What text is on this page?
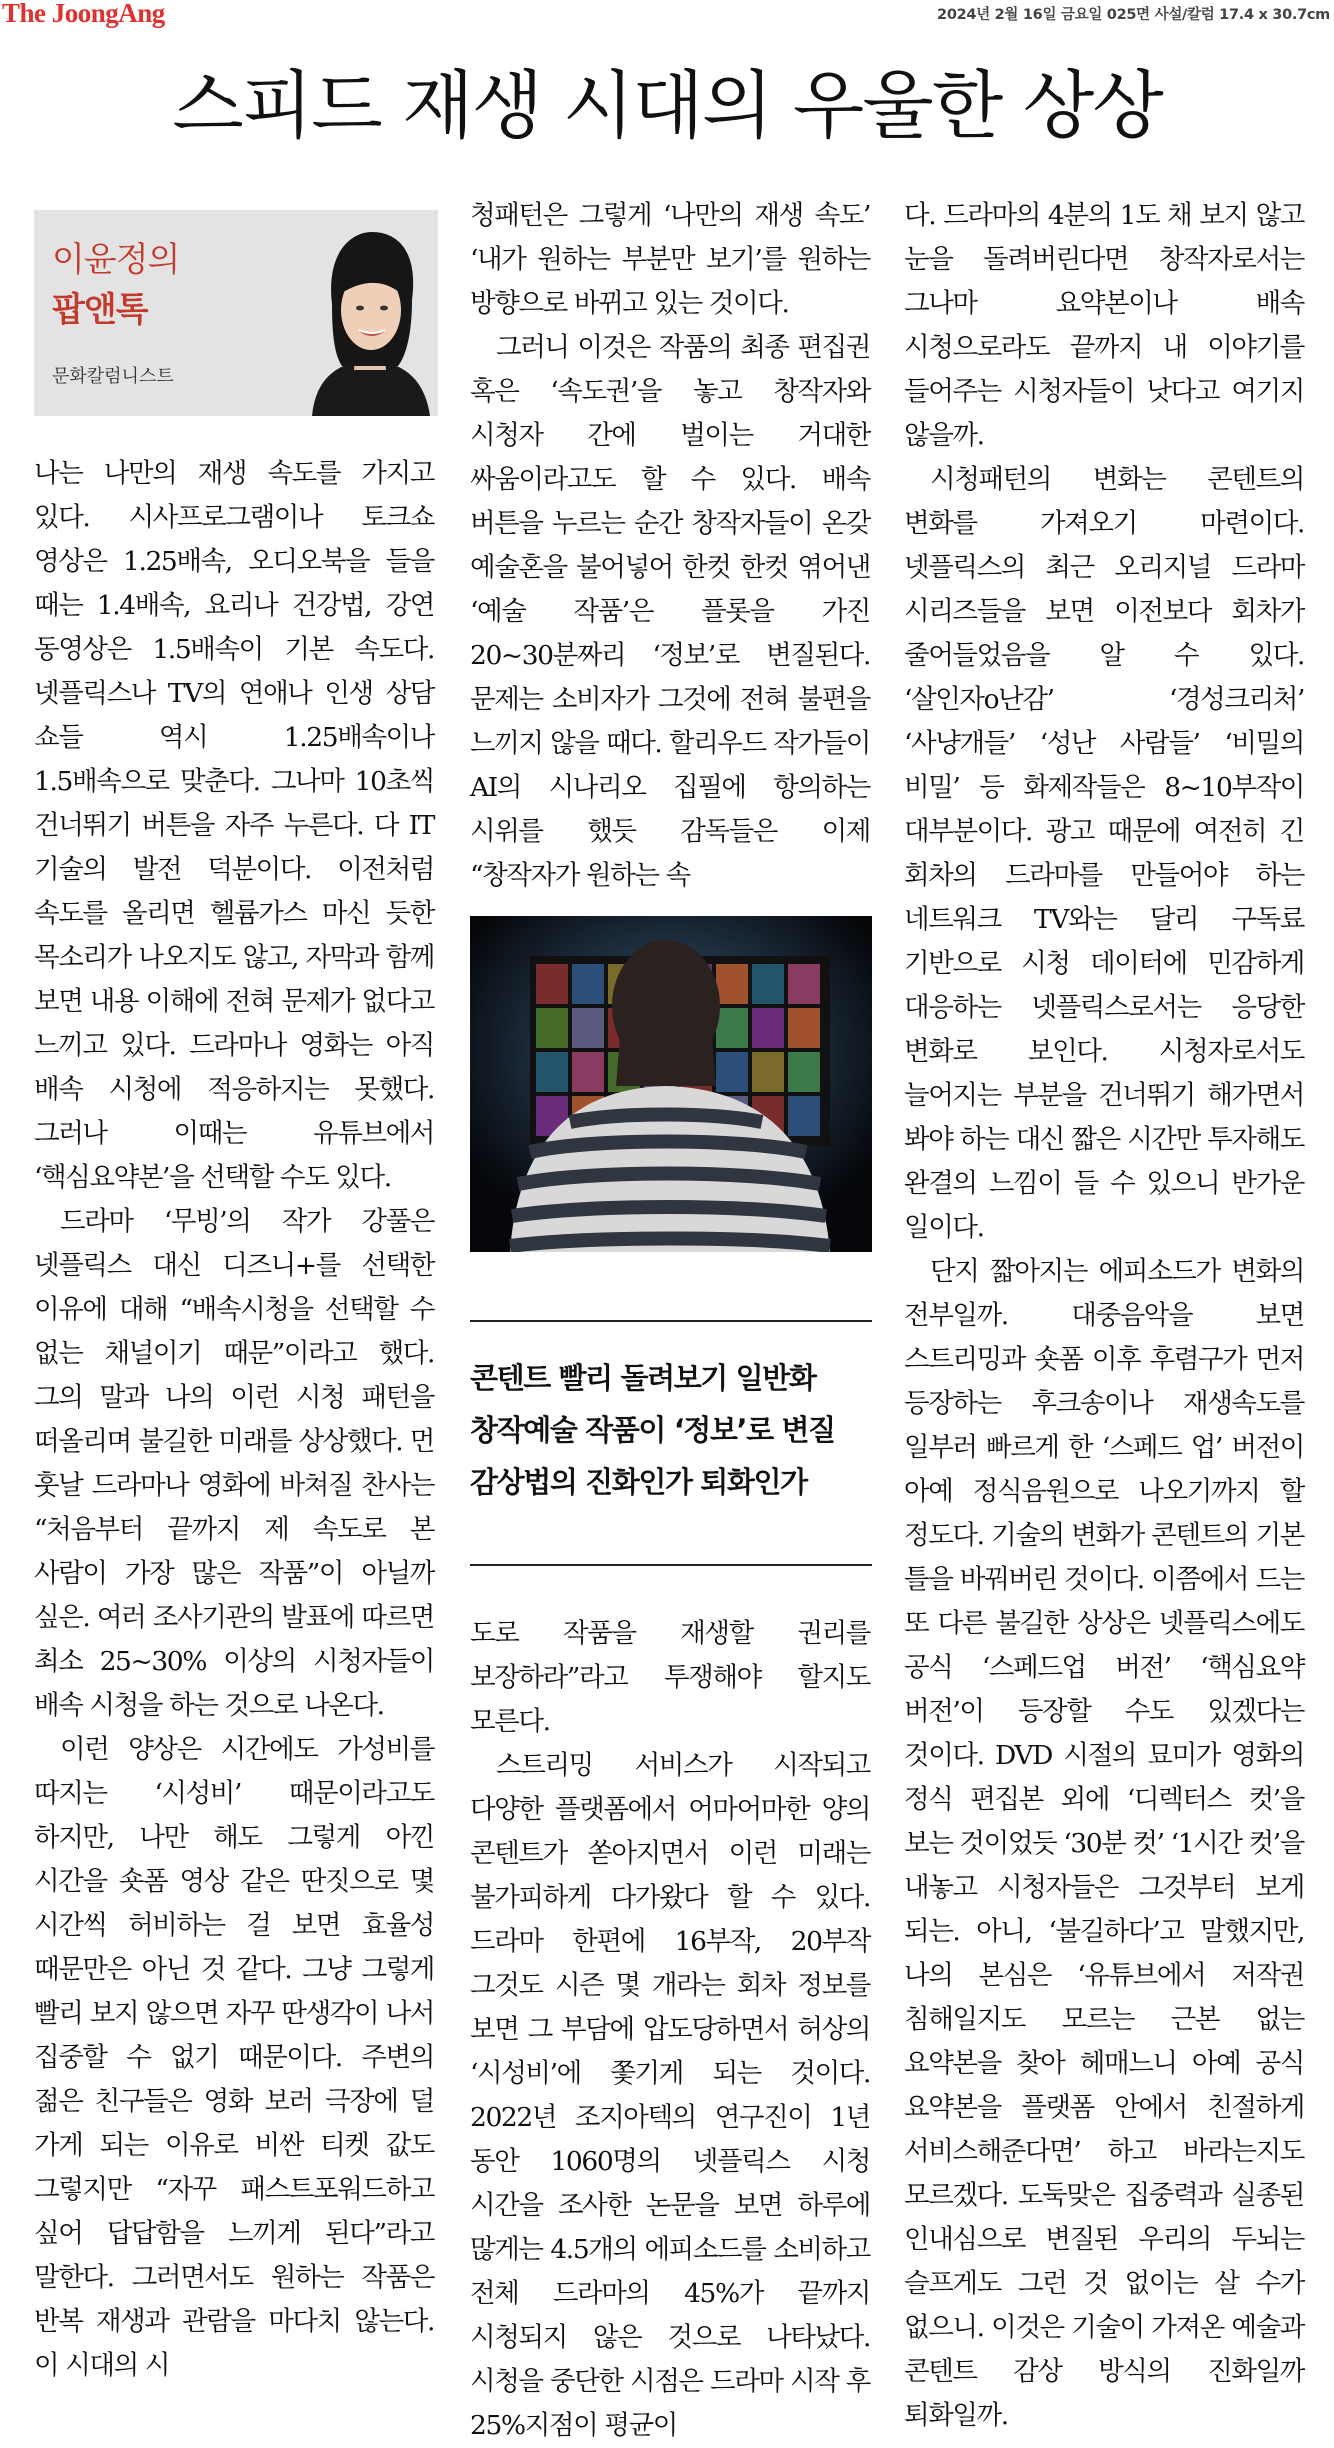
The JoongAng	2024년 2월 16일 금요일 025면 사설/칼럼 17.4 x 30.7cm
스피드 재생 시대의 우울한 상상
이윤정의
팝앤톡
문화칼럼니스트

나는 나만의 재생 속도를 가지고 있다. 시사프로그램이나 토크쇼 영상은 1.25배속, 오디오북을 들을 때는 1.4배속, 요리나 건강법, 강연 동영상은 1.5배속이 기본 속도다. 넷플릭스나 TV의 연애나 인생 상담 쇼들 역시 1.25배속이나 1.5배속으로 맞춘다. 그나마 10초씩 건너뛰기 버튼을 자주 누른다. 다 IT 기술의 발전 덕분이다. 이전처럼 속도를 올리면 헬륨가스 마신 듯한 목소리가 나오지도 않고, 자막과 함께 보면 내용 이해에 전혀 문제가 없다고 느끼고 있다. 드라마나 영화는 아직 배속 시청에 적응하지는 못했다. 그러나 이때는 유튜브에서 ‘핵심요약본’을 선택할 수도 있다.

드라마 ‘무빙’의 작가 강풀은 넷플릭스 대신 디즈니+를 선택한 이유에 대해 “배속시청을 선택할 수 없는 채널이기 때문”이라고 했다. 그의 말과 나의 이런 시청 패턴을 떠올리며 불길한 미래를 상상했다. 먼 훗날 드라마나 영화에 바쳐질 찬사는 “처음부터 끝까지 제 속도로 본 사람이 가장 많은 작품”이 아닐까 싶은. 여러 조사기관의 발표에 따르면 최소 25~30% 이상의 시청자들이 배속 시청을 하는 것으로 나온다.

이런 양상은 시간에도 가성비를 따지는 ‘시성비’ 때문이라고도 하지만, 나만 해도 그렇게 아낀 시간을 숏폼 영상 같은 딴짓으로 몇 시간씩 허비하는 걸 보면 효율성 때문만은 아닌 것 같다. 그냥 그렇게 빨리 보지 않으면 자꾸 딴생각이 나서 집중할 수 없기 때문이다. 주변의 젊은 친구들은 영화 보러 극장에 덜 가게 되는 이유로 비싼 티켓 값도 그렇지만 “자꾸 패스트포워드하고 싶어 답답함을 느끼게 된다”라고 말한다. 그러면서도 원하는 작품은 반복 재생과 관람을 마다치 않는다. 이 시대의 시

청패턴은 그렇게 ‘나만의 재생 속도’ ‘내가 원하는 부분만 보기’를 원하는 방향으로 바뀌고 있는 것이다.

그러니 이것은 작품의 최종 편집권 혹은 ‘속도권’을 놓고 창작자와 시청자 간에 벌이는 거대한 싸움이라고도 할 수 있다. 배속 버튼을 누르는 순간 창작자들이 온갖 예술혼을 불어넣어 한컷 한컷 엮어낸 ‘예술 작품’은 플롯을 가진 20~30분짜리 ‘정보’로 변질된다. 문제는 소비자가 그것에 전혀 불편을 느끼지 않을 때다. 할리우드 작가들이 AI의 시나리오 집필에 항의하는 시위를 했듯 감독들은 이제 “창작자가 원하는 속

콘텐트 빨리 돌려보기 일반화

창작예술 작품이 ‘정보’로 변질

감상법의 진화인가 퇴화인가

도로 작품을 재생할 권리를 보장하라”라고 투쟁해야 할지도 모른다.

스트리밍 서비스가 시작되고 다양한 플랫폼에서 어마어마한 양의 콘텐트가 쏟아지면서 이런 미래는 불가피하게 다가왔다 할 수 있다. 드라마 한편에 16부작, 20부작 그것도 시즌 몇 개라는 회차 정보를 보면 그 부담에 압도당하면서 허상의 ‘시성비’에 쫓기게 되는 것이다. 2022년 조지아텍의 연구진이 1년 동안 1060명의 넷플릭스 시청 시간을 조사한 논문을 보면 하루에 많게는 4.5개의 에피소드를 소비하고 전체 드라마의 45%가 끝까지 시청되지 않은 것으로 나타났다. 시청을 중단한 시점은 드라마 시작 후 25%지점이 평균이

다. 드라마의 4분의 1도 채 보지 않고 눈을 돌려버린다면 창작자로서는 그나마 요약본이나 배속 시청으로라도 끝까지 내 이야기를 들어주는 시청자들이 낫다고 여기지 않을까.

시청패턴의 변화는 콘텐트의 변화를 가져오기 마련이다. 넷플릭스의 최근 오리지널 드라마 시리즈들을 보면 이전보다 회차가 줄어들었음을 알 수 있다. ‘살인자o난감’ ‘경성크리처’ ‘사냥개들’ ‘성난 사람들’ ‘비밀의 비밀’ 등 화제작들은 8~10부작이 대부분이다. 광고 때문에 여전히 긴 회차의 드라마를 만들어야 하는 네트워크 TV와는 달리 구독료 기반으로 시청 데이터에 민감하게 대응하는 넷플릭스로서는 응당한 변화로 보인다. 시청자로서도 늘어지는 부분을 건너뛰기 해가면서 봐야 하는 대신 짧은 시간만 투자해도 완결의 느낌이 들 수 있으니 반가운 일이다.

단지 짧아지는 에피소드가 변화의 전부일까. 대중음악을 보면 스트리밍과 숏폼 이후 후렴구가 먼저 등장하는 후크송이나 재생속도를 일부러 빠르게 한 ‘스페드 업’ 버전이 아예 정식음원으로 나오기까지 할 정도다. 기술의 변화가 콘텐트의 기본 틀을 바꿔버린 것이다. 이쯤에서 드는 또 다른 불길한 상상은 넷플릭스에도 공식 ‘스페드업 버전’ ‘핵심요약 버전’이 등장할 수도 있겠다는 것이다. DVD 시절의 묘미가 영화의 정식 편집본 외에 ‘디렉터스 컷’을 보는 것이었듯 ‘30분 컷’ ‘1시간 컷’을 내놓고 시청자들은 그것부터 보게 되는. 아니, ‘불길하다’고 말했지만, 나의 본심은 ‘유튜브에서 저작권 침해일지도 모르는 근본 없는 요약본을 찾아 헤매느니 아예 공식 요약본을 플랫폼 안에서 친절하게 서비스해준다면’ 하고 바라는지도 모르겠다. 도둑맞은 집중력과 실종된 인내심으로 변질된 우리의 두뇌는 슬프게도 그런 것 없이는 살 수가 없으니. 이것은 기술이 가져온 예술과 콘텐트 감상 방식의 진화일까 퇴화일까.
